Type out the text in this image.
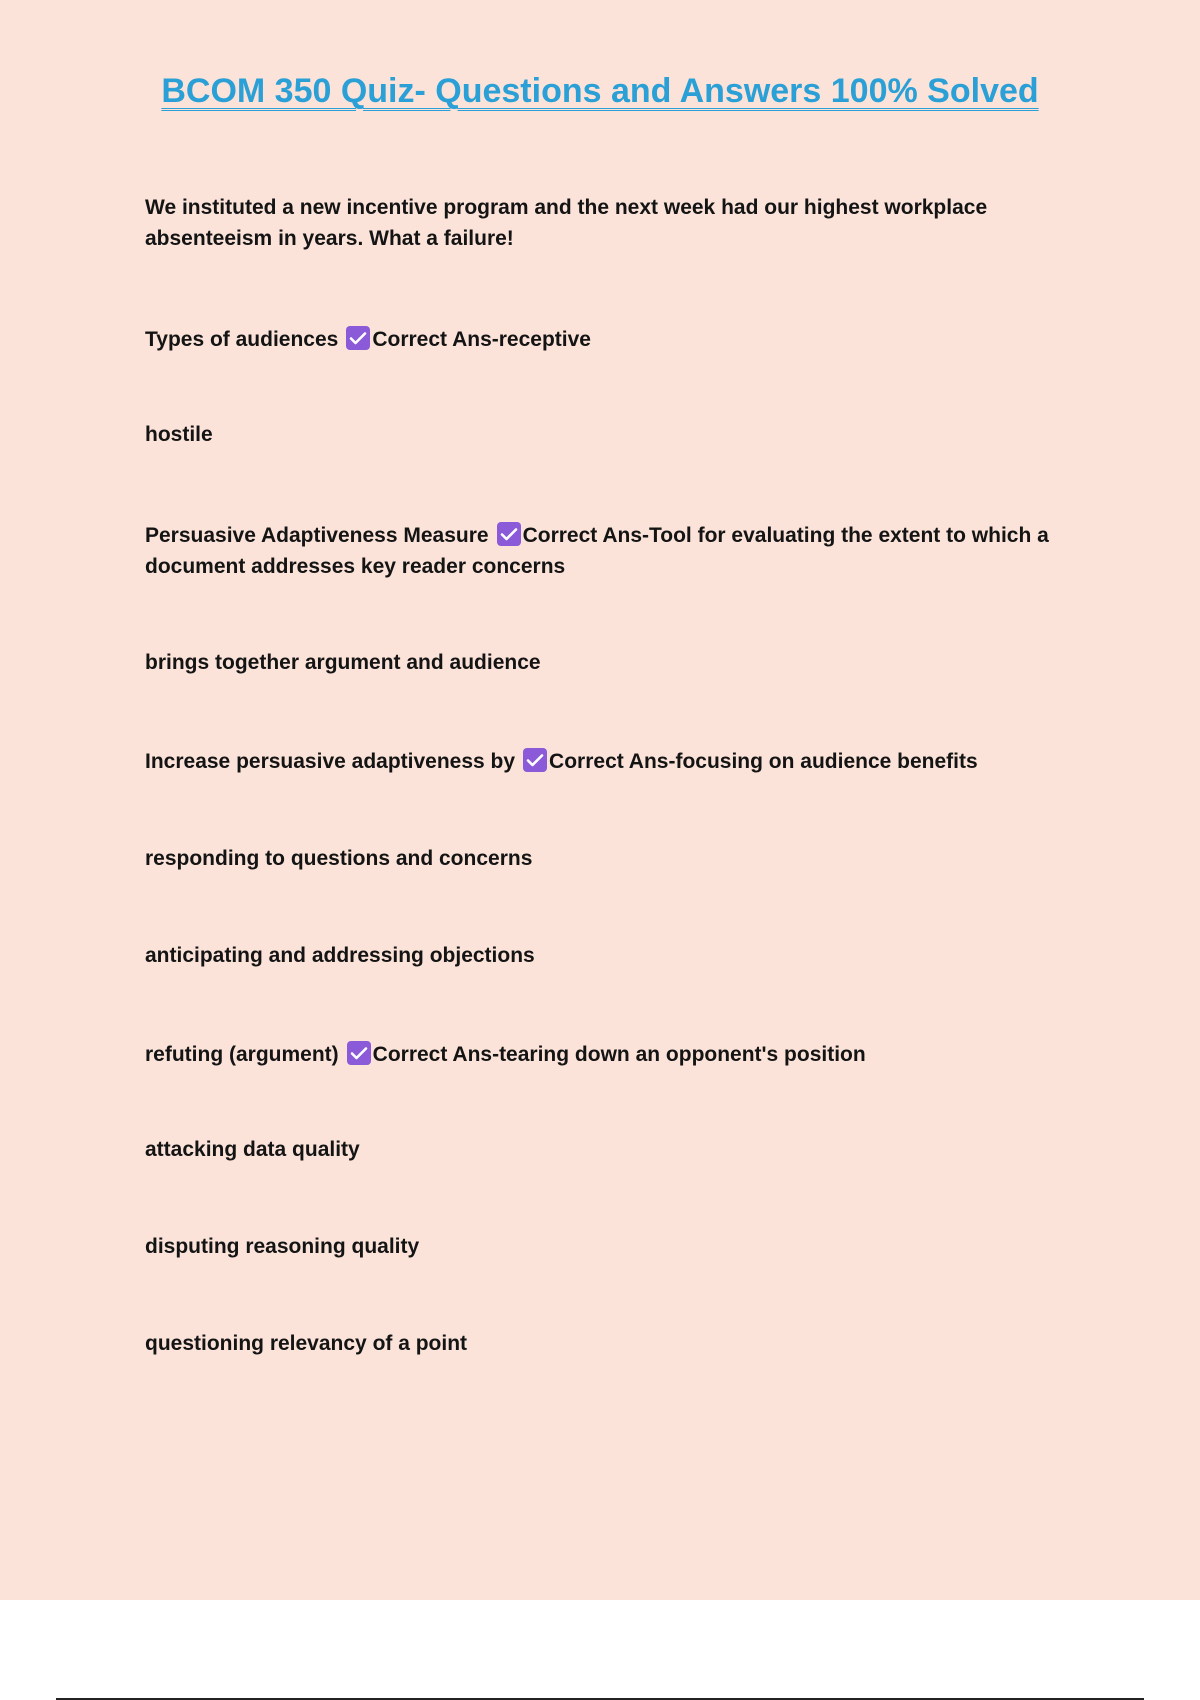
BCOM 350 Quiz- Questions and Answers 100% Solved

We instituted a new incentive program and the next week had our highest workplace absenteeism in years. What a failure!

Types of audiences Correct Ans-receptive

hostile

Persuasive Adaptiveness Measure Correct Ans-Tool for evaluating the extent to which a document addresses key reader concerns

brings together argument and audience

Increase persuasive adaptiveness by Correct Ans-focusing on audience benefits

responding to questions and concerns

anticipating and addressing objections

refuting (argument) Correct Ans-tearing down an opponent's position

attacking data quality

disputing reasoning quality

questioning relevancy of a point
